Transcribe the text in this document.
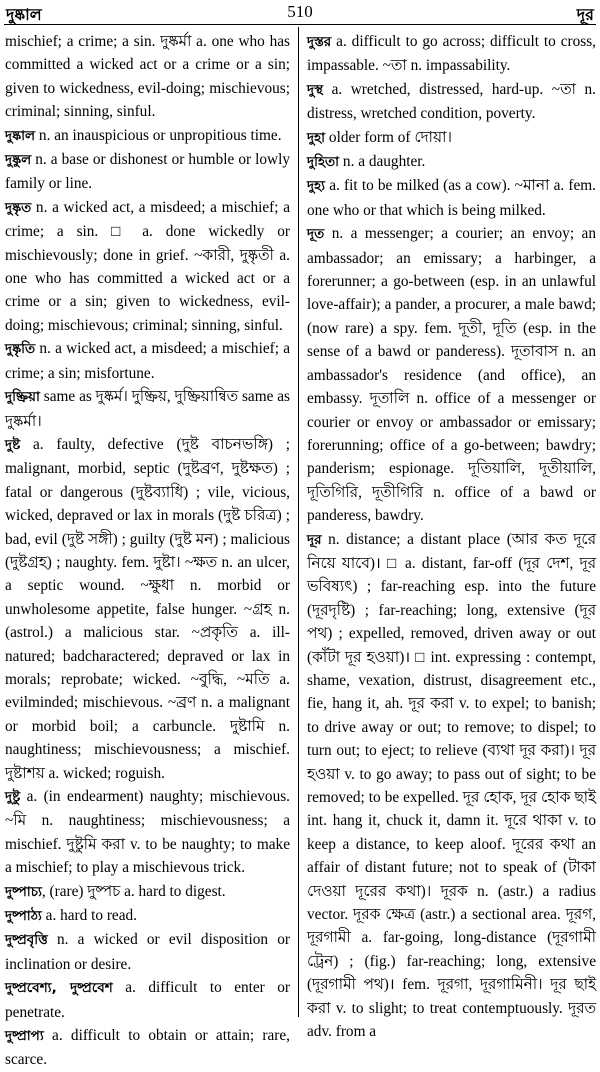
দুষ্কাল	510	দূর

mischief; a crime; a sin. দুষ্কর্মা a. one who has committed a wicked act or a crime or a sin; given to wickedness, evil-doing; mischievous; criminal; sinning, sinful.

দুষ্কাল n. an inauspicious or unpropitious time.

দুষ্কুল n. a base or dishonest or humble or lowly family or line.

দুষ্কৃত n. a wicked act, a misdeed; a mischief; a crime; a sin. □ a. done wickedly or mischievously; done in grief. ~কারী, দুষ্কৃতী a. one who has committed a wicked act or a crime or a sin; given to wickedness, evil-doing; mischievous; criminal; sinning, sinful.

দুষ্কৃতি n. a wicked act, a misdeed; a mischief; a crime; a sin; misfortune.

দুষ্ক্রিয়া same as দুষ্কর্ম। দুষ্ক্রিয়, দুষ্ক্রিয়ান্বিত same as দুষ্কর্মা।

দুষ্ট a. faulty, defective (দুষ্ট বাচনভঙ্গি) ; malignant, morbid, septic (দুষ্টব্রণ, দুষ্টক্ষত) ; fatal or dangerous (দুষ্টব্যাধি) ; vile, vicious, wicked, depraved or lax in morals (দুষ্ট চরিত্র) ; bad, evil (দুষ্ট সঙ্গী) ; guilty (দুষ্ট মন) ; malicious (দুষ্টগ্রহ) ; naughty. fem. দুষ্টা। ~ক্ষত n. an ulcer, a septic wound. ~ক্ষুধা n. morbid or unwholesome appetite, false hunger. ~গ্রহ n. (astrol.) a malicious star. ~প্রকৃতি a. ill-natured; badcharactered; depraved or lax in morals; reprobate; wicked. ~বুদ্ধি, ~মতি a. evilminded; mischievous. ~ব্রণ n. a malignant or morbid boil; a carbuncle. দুষ্টামি n. naughtiness; mischievousness; a mischief. দুষ্টাশয় a. wicked; roguish.

দুষ্টু a. (in endearment) naughty; mischievous. ~মি n. naughtiness; mischievousness; a mischief. দুষ্টুমি করা v. to be naughty; to make a mischief; to play a mischievous trick.

দুষ্পাচ্য, (rare) দুষ্পচ a. hard to digest.

দুষ্পাঠ্য a. hard to read.

দুষ্প্রবৃত্তি n. a wicked or evil disposition or inclination or desire.

দুষ্প্রবেশ্য, দুষ্প্রবেশ a. difficult to enter or penetrate.

দুষ্প্রাপ্য a. difficult to obtain or attain; rare, scarce.

দুস্তর a. difficult to go across; difficult to cross, impassable. ~তা n. impassability.

দুস্থ a. wretched, distressed, hard-up. ~তা n. distress, wretched condition, poverty.

দুহা older form of দোয়া।

দুহিতা n. a daughter.

দুহ্য a. fit to be milked (as a cow). ~মানা a. fem. one who or that which is being milked.

দূত n. a messenger; a courier; an envoy; an ambassador; an emissary; a harbinger, a forerunner; a go-between (esp. in an unlawful love-affair); a pander, a procurer, a male bawd; (now rare) a spy. fem. দূতী, দূতি (esp. in the sense of a bawd or panderess). দূতাবাস n. an ambassador's residence (and office), an embassy. দূতালি n. office of a messenger or courier or envoy or ambassador or emissary; forerunning; office of a go-between; bawdry; panderism; espionage. দূতিয়ালি, দূতীয়ালি, দূতিগিরি, দূতীগিরি n. office of a bawd or panderess, bawdry.

দূর n. distance; a distant place (আর কত দূরে নিয়ে যাবে)। □ a. distant, far-off (দূর দেশ, দূর ভবিষ্যৎ) ; far-reaching esp. into the future (দূরদৃষ্টি) ; far-reaching; long, extensive (দূর পথ) ; expelled, removed, driven away or out (কাঁটা দূর হওয়া)। □ int. expressing : contempt, shame, vexation, distrust, disagreement etc., fie, hang it, ah. দূর করা v. to expel; to banish; to drive away or out; to remove; to dispel; to turn out; to eject; to relieve (ব্যথা দূর করা)। দূর হওয়া v. to go away; to pass out of sight; to be removed; to be expelled. দূর হোক, দূর হোক ছাই int. hang it, chuck it, damn it. দূরে থাকা v. to keep a distance, to keep aloof. দূরের কথা an affair of distant future; not to speak of (টাকা দেওয়া দূরের কথা)। দূরক n. (astr.) a radius vector. দূরক ক্ষেত্র (astr.) a sectional area. দূরগ, দূরগামী a. far-going, long-distance (দূরগামী ট্রেন) ; (fig.) far-reaching; long, extensive (দূরগামী পথ)। fem. দূরগা, দূরগামিনী। দূর ছাই করা v. to slight; to treat contemptuously. দূরত adv. from a
